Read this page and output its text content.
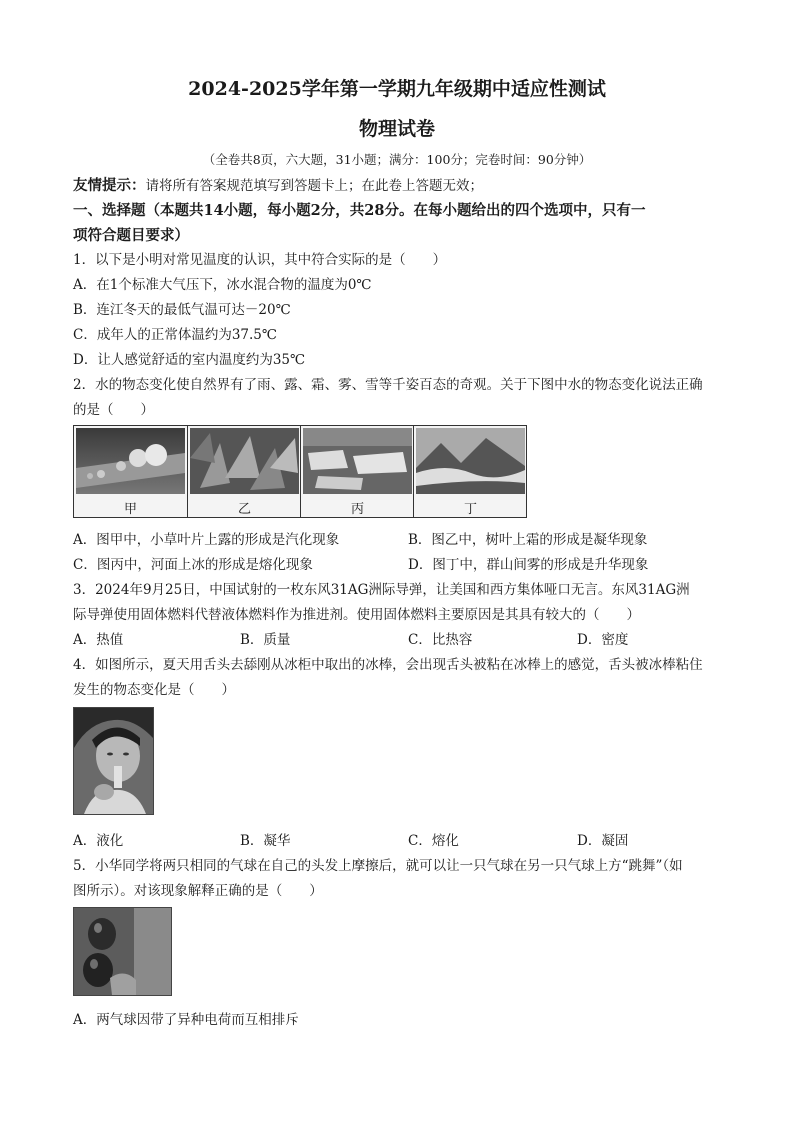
2024-2025学年第一学期九年级期中适应性测试
物理试卷
（全卷共8页，六大题，31小题；满分：100分；完卷时间：90分钟）
友情提示：请将所有答案规范填写到答题卡上；在此卷上答题无效；
一、选择题（本题共14小题，每小题2分，共28分。在每小题给出的四个选项中，只有一
项符合题目要求）
1．以下是小明对常见温度的认识，其中符合实际的是（　　）
A．在1个标准大气压下，冰水混合物的温度为0℃
B．连江冬天的最低气温可达－20℃
C．成年人的正常体温约为37.5℃
D．让人感觉舒适的室内温度约为35℃
2．水的物态变化使自然界有了雨、露、霜、雾、雪等千姿百态的奇观。关于下图中水的物态变化说法正确
的是（　　）
甲	乙	丙	丁
A．图甲中，小草叶片上露的形成是汽化现象	B．图乙中，树叶上霜的形成是凝华现象
C．图丙中，河面上冰的形成是熔化现象	D．图丁中，群山间雾的形成是升华现象
3．2024年9月25日，中国试射的一枚东风31AG洲际导弹，让美国和西方集体哑口无言。东风31AG洲
际导弹使用固体燃料代替液体燃料作为推进剂。使用固体燃料主要原因是其具有较大的（　　）
A．热值	B．质量	C．比热容	D．密度
4．如图所示，夏天用舌头去舔刚从冰柜中取出的冰棒，会出现舌头被粘在冰棒上的感觉，舌头被冰棒粘住
发生的物态变化是（　　）
A．液化	B．凝华	C．熔化	D．凝固
5．小华同学将两只相同的气球在自己的头发上摩擦后，就可以让一只气球在另一只气球上方“跳舞”（如
图所示）。对该现象解释正确的是（　　）
A．两气球因带了异种电荷而互相排斥
